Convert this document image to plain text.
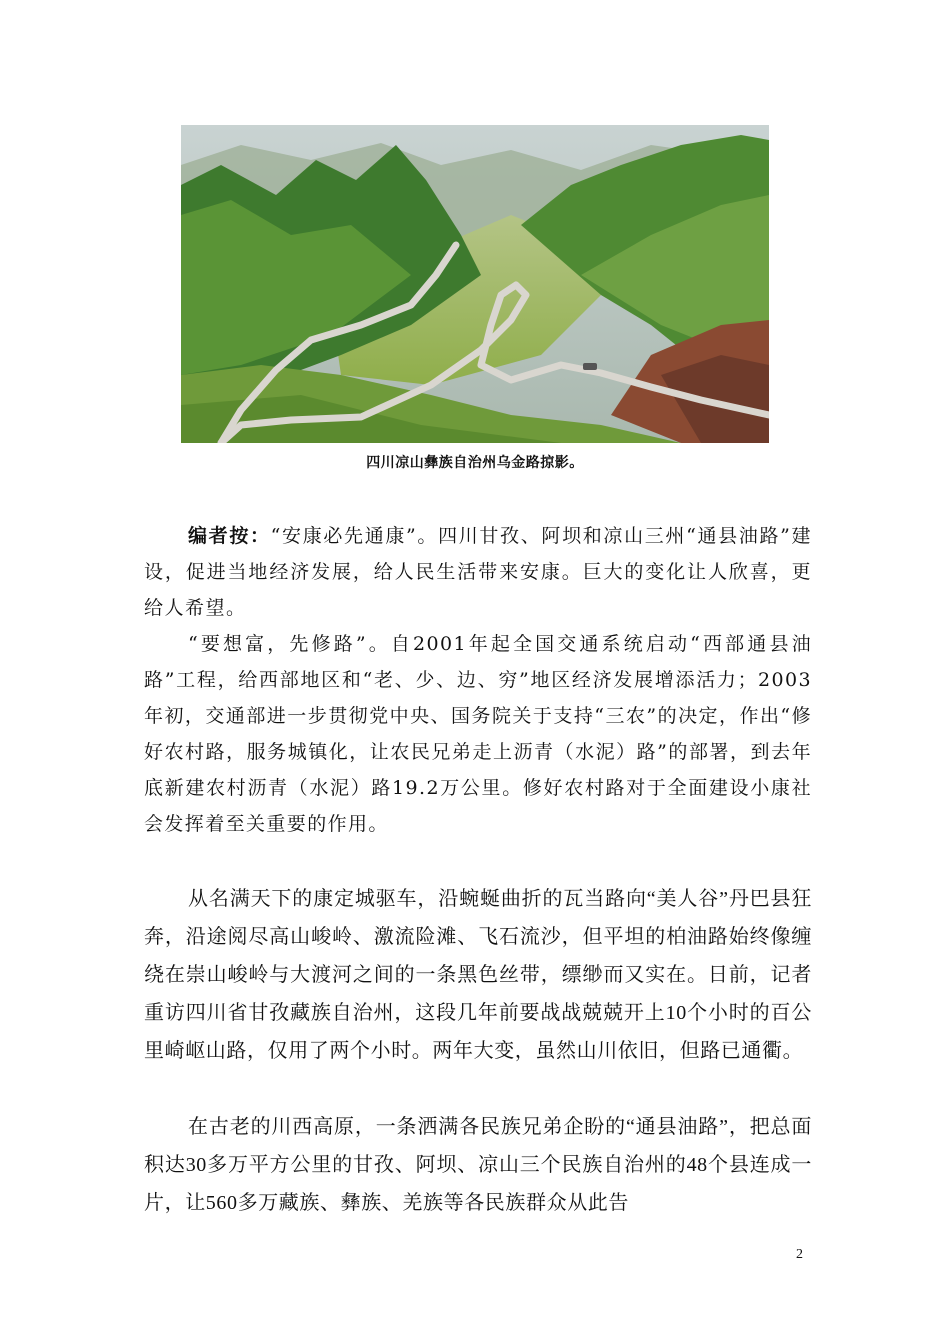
四川凉山彝族自治州乌金路掠影。

编者按：“安康必先通康”。四川甘孜、阿坝和凉山三州“通县油路”建设，促进当地经济发展，给人民生活带来安康。巨大的变化让人欣喜，更给人希望。

“要想富，先修路”。自2001年起全国交通系统启动“西部通县油路”工程，给西部地区和“老、少、边、穷”地区经济发展增添活力；2003年初，交通部进一步贯彻党中央、国务院关于支持“三农”的决定，作出“修好农村路，服务城镇化，让农民兄弟走上沥青（水泥）路”的部署，到去年底新建农村沥青（水泥）路19.2万公里。修好农村路对于全面建设小康社会发挥着至关重要的作用。

从名满天下的康定城驱车，沿蜿蜒曲折的瓦当路向“美人谷”丹巴县狂奔，沿途阅尽高山峻岭、激流险滩、飞石流沙，但平坦的柏油路始终像缠绕在崇山峻岭与大渡河之间的一条黑色丝带，缥缈而又实在。日前，记者重访四川省甘孜藏族自治州，这段几年前要战战兢兢开上10个小时的百公里崎岖山路，仅用了两个小时。两年大变，虽然山川依旧，但路已通衢。

在古老的川西高原，一条洒满各民族兄弟企盼的“通县油路”，把总面积达30多万平方公里的甘孜、阿坝、凉山三个民族自治州的48个县连成一片，让560多万藏族、彝族、羌族等各民族群众从此告

2
